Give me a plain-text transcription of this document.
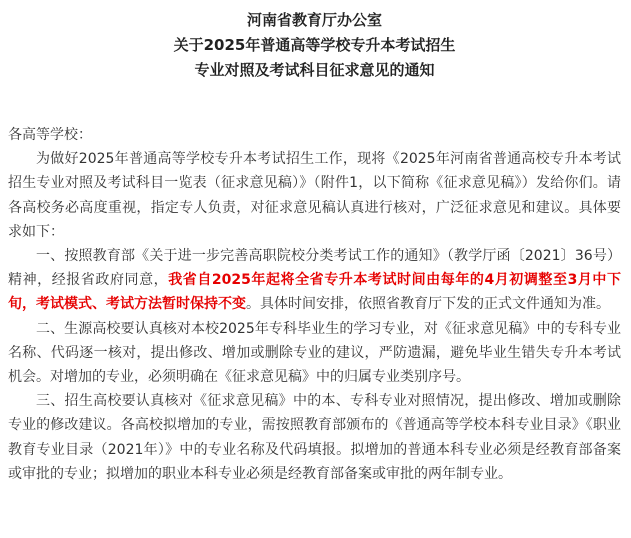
河南省教育厅办公室

关于2025年普通高等学校专升本考试招生

专业对照及考试科目征求意见的通知

各高等学校：

为做好2025年普通高等学校专升本考试招生工作，现将《2025年河南省普通高校专升本考试招生专业对照及考试科目一览表（征求意见稿）》（附件1，以下简称《征求意见稿》）发给你们。请各高校务必高度重视，指定专人负责，对征求意见稿认真进行核对，广泛征求意见和建议。具体要求如下：

一、按照教育部《关于进一步完善高职院校分类考试工作的通知》（教学厅函〔2021〕36号）精神，经报省政府同意，我省自2025年起将全省专升本考试时间由每年的4月初调整至3月中下旬，考试模式、考试方法暂时保持不变。具体时间安排，依照省教育厅下发的正式文件通知为准。

二、生源高校要认真核对本校2025年专科毕业生的学习专业，对《征求意见稿》中的专科专业名称、代码逐一核对，提出修改、增加或删除专业的建议，严防遗漏，避免毕业生错失专升本考试机会。对增加的专业，必须明确在《征求意见稿》中的归属专业类别序号。

三、招生高校要认真核对《征求意见稿》中的本、专科专业对照情况，提出修改、增加或删除专业的修改建议。各高校拟增加的专业，需按照教育部颁布的《普通高等学校本科专业目录》《职业教育专业目录（2021年）》中的专业名称及代码填报。拟增加的普通本科专业必须是经教育部备案或审批的专业；拟增加的职业本科专业必须是经教育部备案或审批的两年制专业。
